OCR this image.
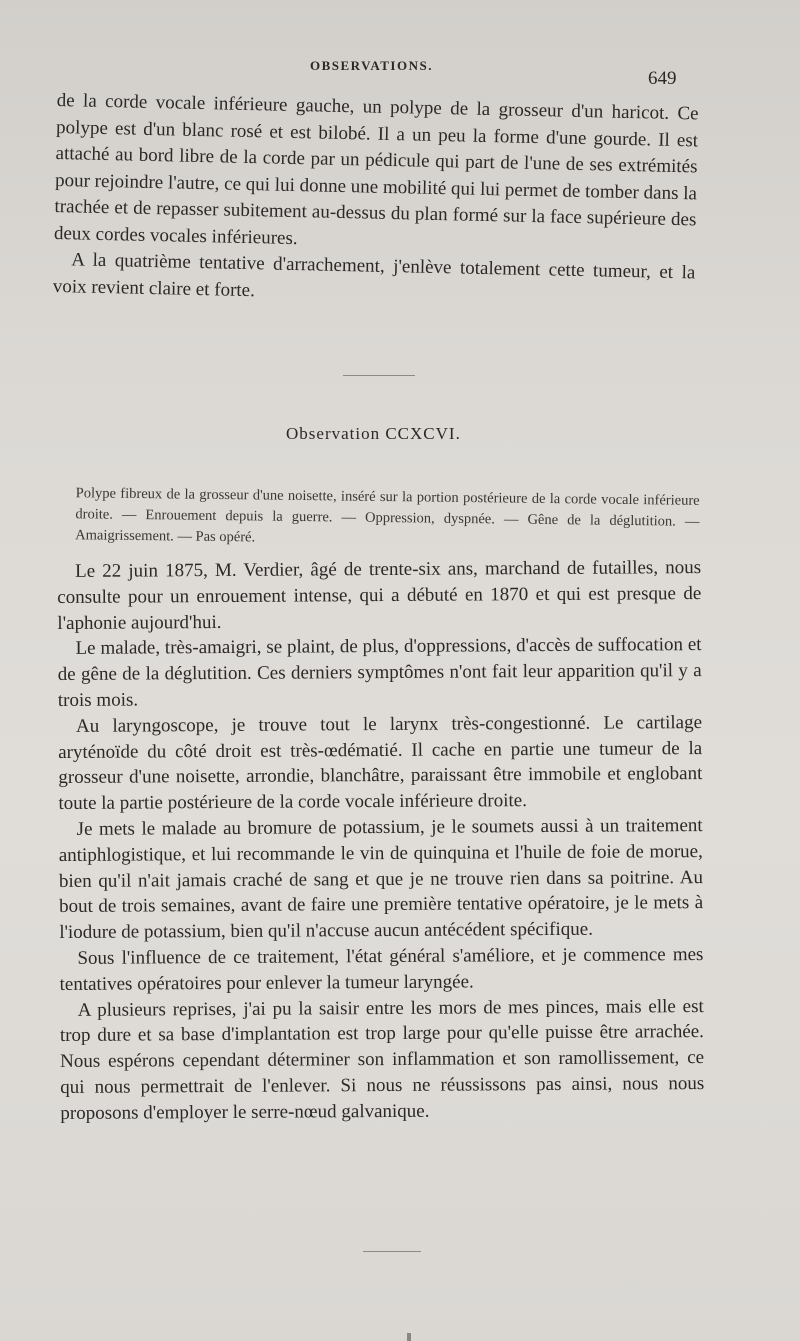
OBSERVATIONS.
649

de la corde vocale inférieure gauche, un polype de la grosseur d'un haricot. Ce polype est d'un blanc rosé et est bilobé. Il a un peu la forme d'une gourde. Il est attaché au bord libre de la corde par un pédicule qui part de l'une de ses extrémités pour rejoindre l'autre, ce qui lui donne une mobilité qui lui permet de tomber dans la trachée et de repasser subitement au-dessus du plan formé sur la face supérieure des deux cordes vocales inférieures.

A la quatrième tentative d'arrachement, j'enlève totalement cette tumeur, et la voix revient claire et forte.

Observation CCXCVI.

Polype fibreux de la grosseur d'une noisette, inséré sur la portion postérieure de la corde vocale inférieure droite. — Enrouement depuis la guerre. — Oppression, dyspnée. — Gêne de la déglutition. — Amaigrissement. — Pas opéré.

Le 22 juin 1875, M. Verdier, âgé de trente-six ans, marchand de futailles, nous consulte pour un enrouement intense, qui a débuté en 1870 et qui est presque de l'aphonie aujourd'hui.

Le malade, très-amaigri, se plaint, de plus, d'oppressions, d'accès de suffocation et de gêne de la déglutition. Ces derniers symptômes n'ont fait leur apparition qu'il y a trois mois.

Au laryngoscope, je trouve tout le larynx très-congestionné. Le cartilage aryténoïde du côté droit est très-œdématié. Il cache en partie une tumeur de la grosseur d'une noisette, arrondie, blanchâtre, paraissant être immobile et englobant toute la partie postérieure de la corde vocale inférieure droite.

Je mets le malade au bromure de potassium, je le soumets aussi à un traitement antiphlogistique, et lui recommande le vin de quinquina et l'huile de foie de morue, bien qu'il n'ait jamais craché de sang et que je ne trouve rien dans sa poitrine. Au bout de trois semaines, avant de faire une première tentative opératoire, je le mets à l'iodure de potassium, bien qu'il n'accuse aucun antécédent spécifique.

Sous l'influence de ce traitement, l'état général s'améliore, et je commence mes tentatives opératoires pour enlever la tumeur laryngée.

A plusieurs reprises, j'ai pu la saisir entre les mors de mes pinces, mais elle est trop dure et sa base d'implantation est trop large pour qu'elle puisse être arrachée. Nous espérons cependant déterminer son inflammation et son ramollissement, ce qui nous permettrait de l'enlever. Si nous ne réussissons pas ainsi, nous nous proposons d'employer le serre-nœud galvanique.
